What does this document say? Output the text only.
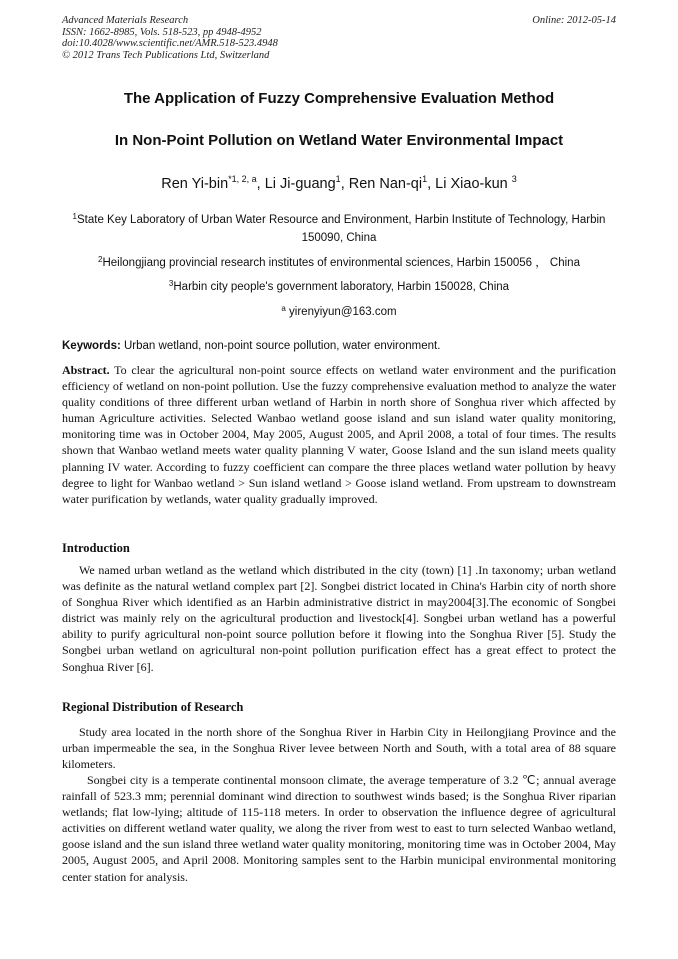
Advanced Materials Research
ISSN: 1662-8985, Vols. 518-523, pp 4948-4952
doi:10.4028/www.scientific.net/AMR.518-523.4948
© 2012 Trans Tech Publications Ltd, Switzerland
Online: 2012-05-14
The Application of Fuzzy Comprehensive Evaluation Method
In Non-Point Pollution on Wetland Water Environmental Impact
Ren Yi-bin$^{*1, 2, a}$, Li Ji-guang$^1$, Ren Nan-$qi^1$, Li Xiao-kun $^3$
$^1$State Key Laboratory of Urban Water Resource and Environment, Harbin Institute of Technology, Harbin 150090, China
$^2$Heilongjiang provincial research institutes of environmental sciences, Harbin 150056 ， China
$^3$Harbin city people's government laboratory, Harbin 150028, China
$^a$ yirenyiyun@163.com
Keywords: Urban wetland, non-point source pollution, water environment.
Abstract. To clear the agricultural non-point source effects on wetland water environment and the purification efficiency of wetland on non-point pollution. Use the fuzzy comprehensive evaluation method to analyze the water quality conditions of three different urban wetland of Harbin in north shore of Songhua river which affected by human Agriculture activities. Selected Wanbao wetland goose island and sun island water quality monitoring, monitoring time was in October 2004, May 2005, August 2005, and April 2008, a total of four times. The results shown that Wanbao wetland meets water quality planning V water, Goose Island and the sun island meets quality planning IV water. According to fuzzy coefficient can compare the three places wetland water pollution by heavy degree to light for Wanbao wetland > Sun island wetland > Goose island wetland. From upstream to downstream water purification by wetlands, water quality gradually improved.
Introduction
We named urban wetland as the wetland which distributed in the city (town) [1] .In taxonomy; urban wetland was definite as the natural wetland complex part [2]. Songbei district located in China's Harbin city of north shore of Songhua River which identified as an Harbin administrative district in may2004[3].The economic of Songbei district was mainly rely on the agricultural production and livestock[4]. Songbei urban wetland has a powerful ability to purify agricultural non-point source pollution before it flowing into the Songhua River [5]. Study the Songbei urban wetland on agricultural non-point pollution purification effect has a great effect to protect the Songhua River [6].
Regional Distribution of Research
Study area located in the north shore of the Songhua River in Harbin City in Heilongjiang Province and the urban impermeable the sea, in the Songhua River levee between North and South, with a total area of 88 square kilometers.
Songbei city is a temperate continental monsoon climate, the average temperature of 3.2 ℃; annual average rainfall of 523.3 mm; perennial dominant wind direction to southwest winds based; is the Songhua River riparian wetlands; flat low-lying; altitude of 115-118 meters. In order to observation the influence degree of agricultural activities on different wetland water quality, we along the river from west to east to turn selected Wanbao wetland, goose island and the sun island three wetland water quality monitoring, monitoring time was in October 2004, May 2005, August 2005, and April 2008. Monitoring samples sent to the Harbin municipal environmental monitoring center station for analysis.
